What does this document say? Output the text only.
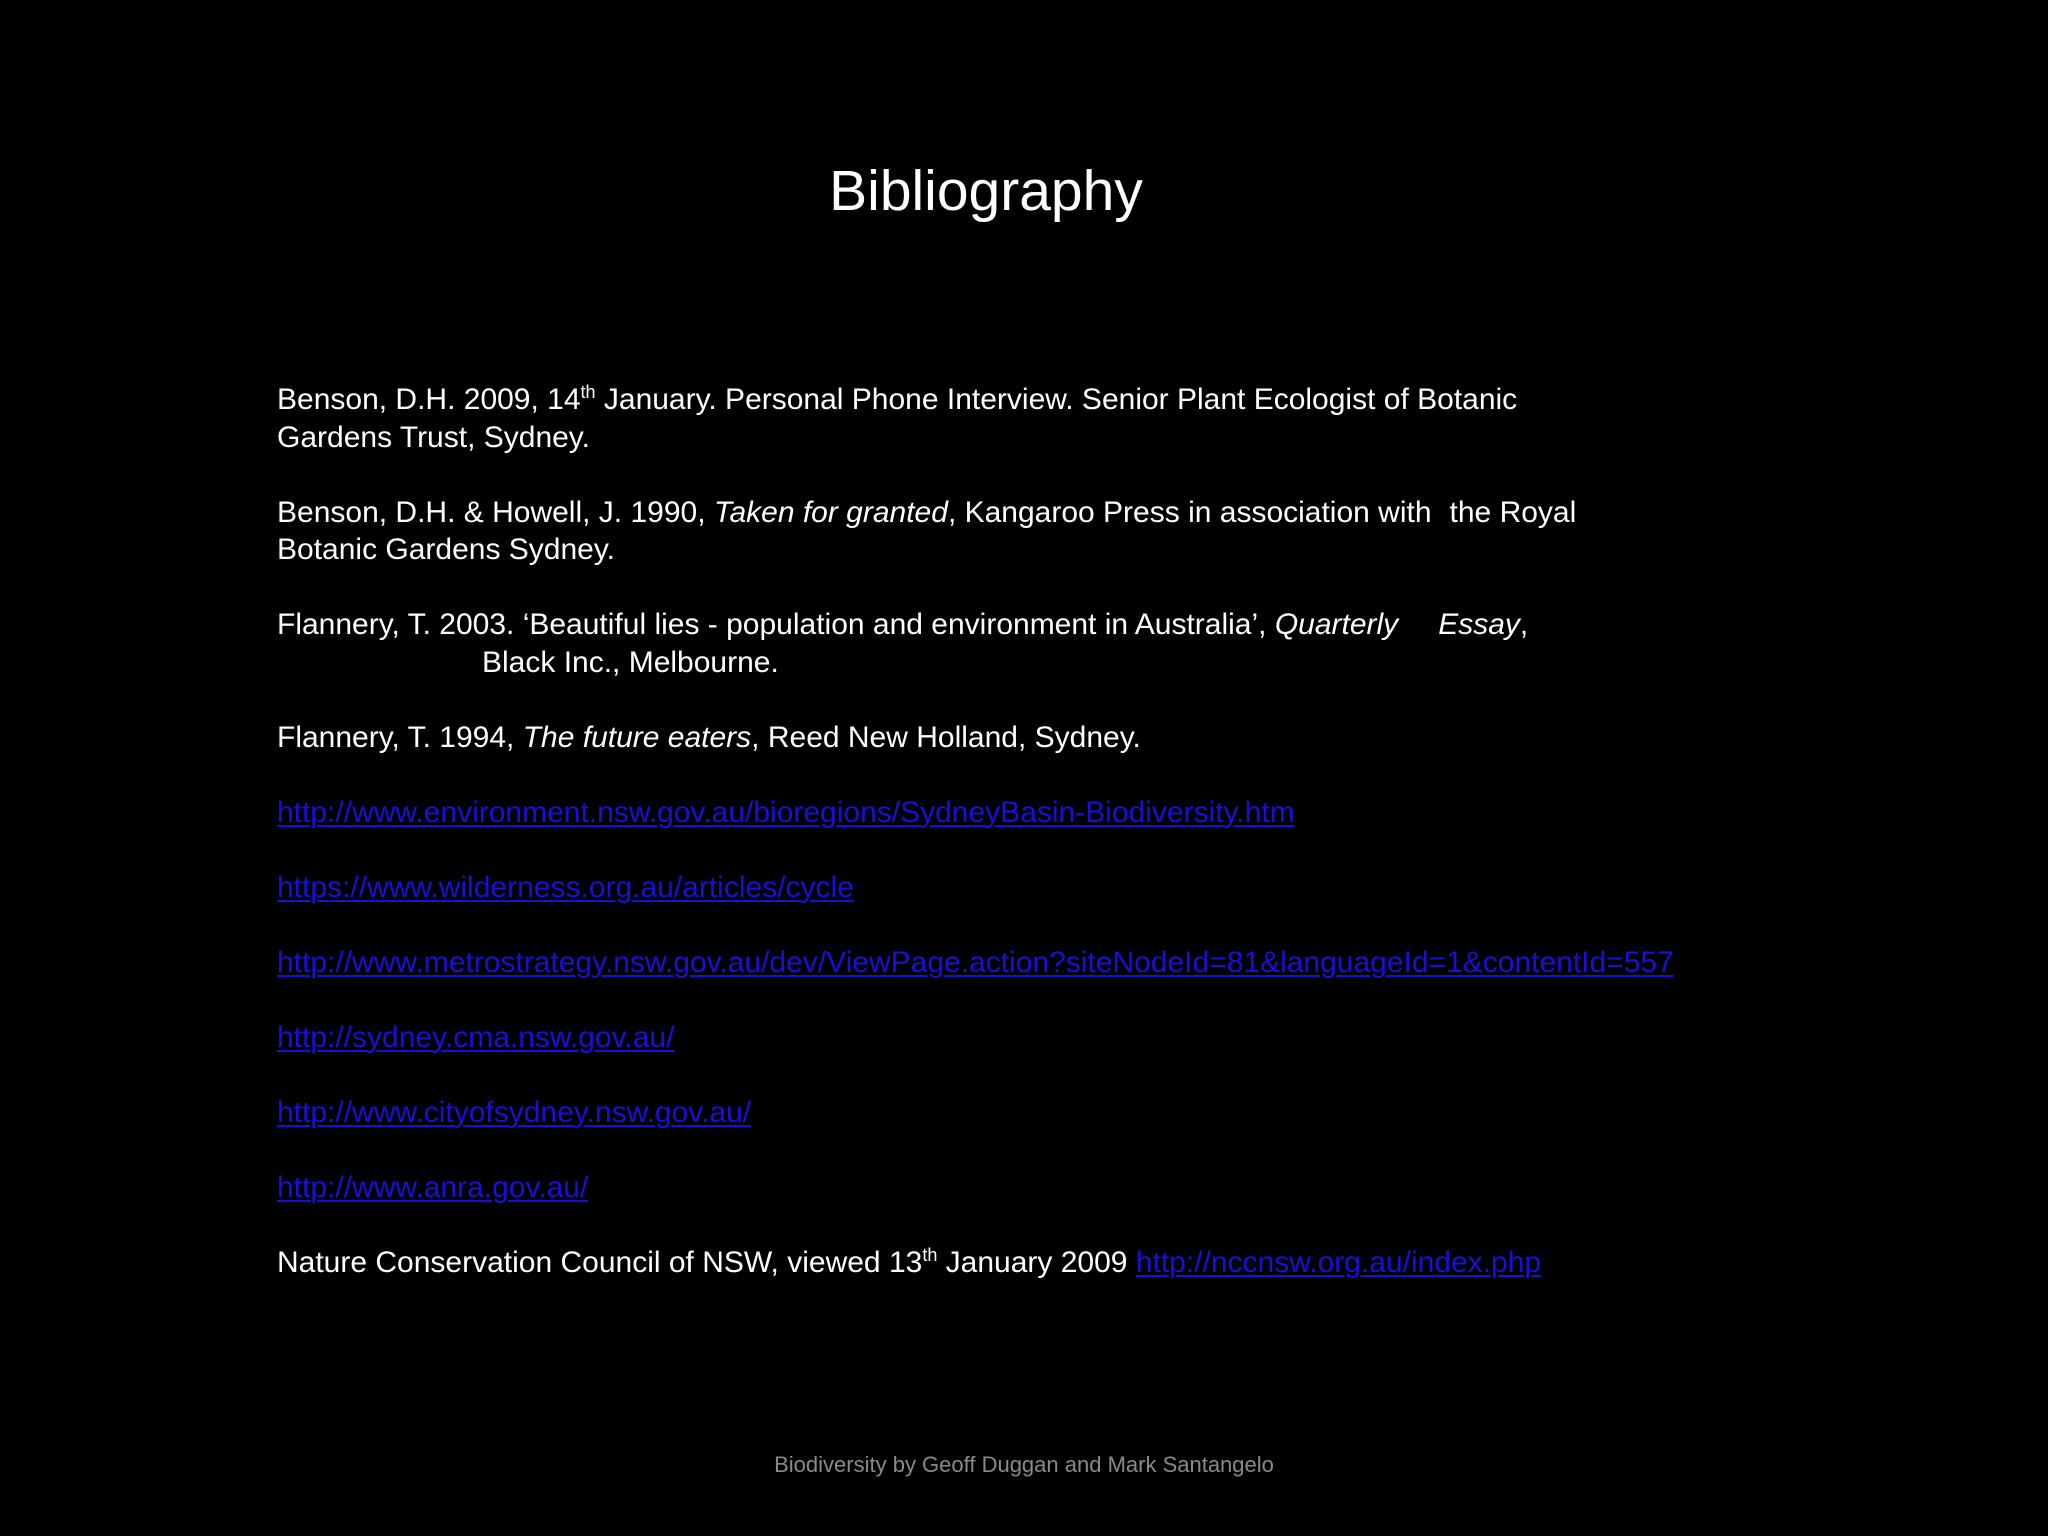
Bibliography

Benson, D.H. 2009, 14th January. Personal Phone Interview. Senior Plant Ecologist of Botanic
Gardens Trust, Sydney.

Benson, D.H. & Howell, J. 1990, Taken for granted, Kangaroo Press in association with the Royal
Botanic Gardens Sydney.

Flannery, T. 2003. ‘Beautiful lies - population and environment in Australia’, Quarterly Essay,
Black Inc., Melbourne.

Flannery, T. 1994, The future eaters, Reed New Holland, Sydney.

http://www.environment.nsw.gov.au/bioregions/SydneyBasin-Biodiversity.htm

https://www.wilderness.org.au/articles/cycle

http://www.metrostrategy.nsw.gov.au/dev/ViewPage.action?siteNodeId=81&languageId=1&contentId=557

http://sydney.cma.nsw.gov.au/

http://www.cityofsydney.nsw.gov.au/

http://www.anra.gov.au/

Nature Conservation Council of NSW, viewed 13th January 2009 http://nccnsw.org.au/index.php

Biodiversity by Geoff Duggan and Mark Santangelo
